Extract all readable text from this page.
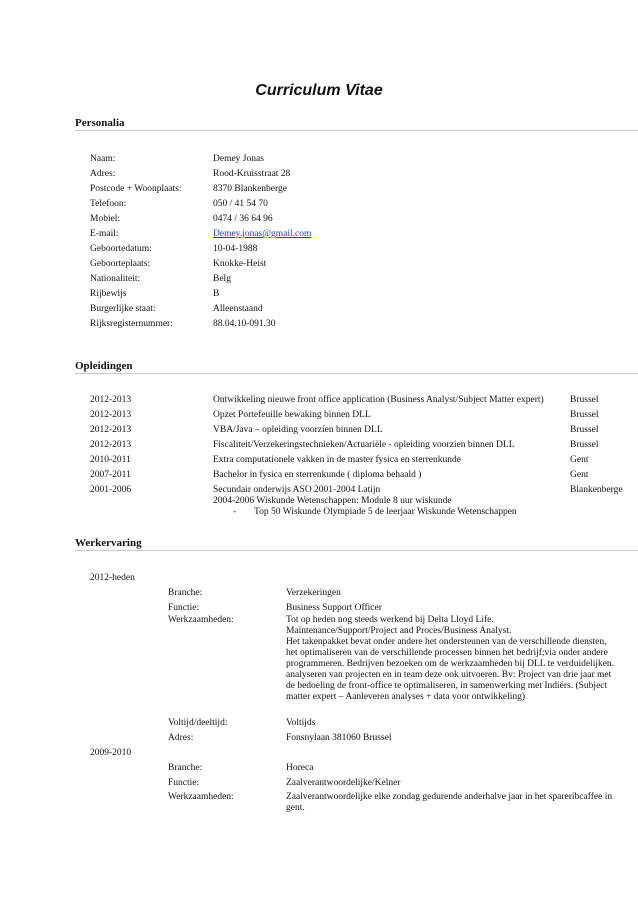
Curriculum Vitae
Personalia
Naam:	Demey Jonas
Adres:	Rood-Kruisstraat 28
Postcode + Woonplaats:	8370 Blankenberge
Telefoon:	050 / 41 54 70
Mobiel:	0474 / 36 64 96
E-mail:	Demey.jonas@gmail.com
Geboortedatum:	10-04-1988
Geboorteplaats:	Knokke-Heist
Nationaliteit:	Belg
Rijbewijs	B
Burgerlijke staat:	Alleenstaand
Rijksregisternummer:	88.04.10-091.30
Opleidingen
2012-2013	Ontwikkeling nieuwe front office application (Business Analyst/Subject Matter expert)	Brussel
2012-2013	Opzet Portefeuille bewaking binnen DLL	Brussel
2012-2013	VBA/Java – opleiding voorzien binnen DLL	Brussel
2012-2013	Fiscaliteit/Verzekeringstechnieken/Actuariële - opleiding voorzien binnen DLL	Brussel
2010-2011	Extra computationele vakken in de master fysica en sterrenkunde	Gent
2007-2011	Bachelor in fysica en sterrenkunde ( diploma behaald )	Gent
2001-2006	Secundair onderwijs ASO 2001-2004 Latijn	Blankenberge
2004-2006 Wiskunde Wetenschappen: Module 8 uur wiskunde
- Top 50 Wiskunde Olympiade 5 de leerjaar Wiskunde Wetenschappen
Werkervaring
2012-heden
Branche:	Verzekeringen
Functie:	Business Support Officer
Werkzaamheden:	Tot op heden nog steeds werkend bij Delta Lloyd Life.
Maintenance/Support/Project and Proces/Business Analyst.
Het takenpakket bevat onder andere het ondersteunen van de verschillende diensten,
het optimaliseren van de verschillende processen binnen het bedrijf;via onder andere
programmeren. Bedrijven bezoeken om de werkzaamheden bij DLL te verduidelijken.
analyseren van projecten en in team deze ook uitvoeren. Bv: Project van drie jaar met
de bedoeling de front-office te optimaliseren, in samenwerking met Indiërs. (Subject
matter expert – Aanleveren analyses + data voor ontwikkeling)
Voltijd/deeltijd:	Voltijds
Adres:	Fonsnylaan 381060 Brussel
2009-2010
Branche:	Horeca
Functie:	Zaalverantwoordelijke/Kelner
Werkzaamheden:	Zaalverantwoordelijke elke zondag gedurende anderhalve jaar in het spareribcaffee in
gent.
